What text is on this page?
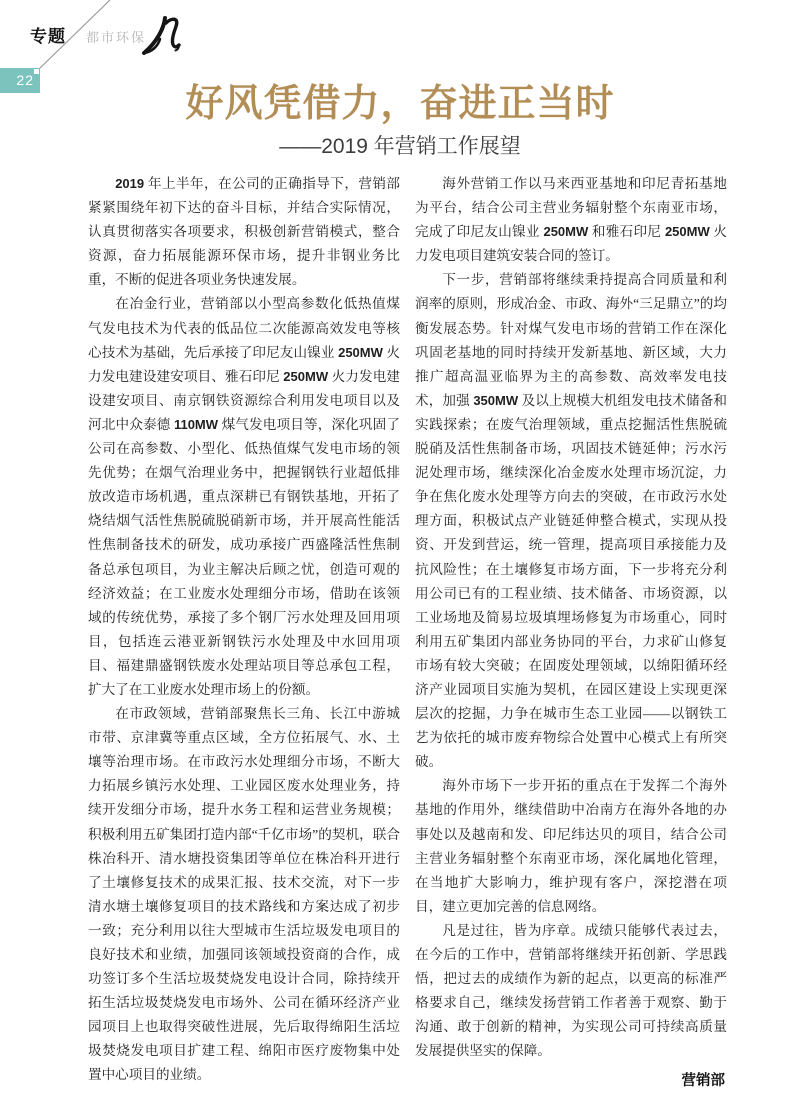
专题 都市环保
22
好风凭借力，奋进正当时
——2019 年营销工作展望

2019 年上半年，在公司的正确指导下，营销部紧紧围绕年初下达的奋斗目标，并结合实际情况，认真贯彻落实各项要求，积极创新营销模式，整合资源，奋力拓展能源环保市场，提升非钢业务比重，不断的促进各项业务快速发展。

在冶金行业，营销部以小型高参数化低热值煤气发电技术为代表的低品位二次能源高效发电等核心技术为基础，先后承接了印尼友山镍业 250MW 火力发电建设建安项目、雅石印尼 250MW 火力发电建设建安项目、南京钢铁资源综合利用发电项目以及河北中众泰德 110MW 煤气发电项目等，深化巩固了公司在高参数、小型化、低热值煤气发电市场的领先优势；在烟气治理业务中，把握钢铁行业超低排放改造市场机遇，重点深耕已有钢铁基地，开拓了烧结烟气活性焦脱硫脱硝新市场，并开展高性能活性焦制备技术的研发，成功承接广西盛隆活性焦制备总承包项目，为业主解决后顾之忧，创造可观的经济效益；在工业废水处理细分市场，借助在该领域的传统优势，承接了多个钢厂污水处理及回用项目，包括连云港亚新钢铁污水处理及中水回用项目、福建鼎盛钢铁废水处理站项目等总承包工程，扩大了在工业废水处理市场上的份额。

在市政领域，营销部聚焦长三角、长江中游城市带、京津冀等重点区域，全方位拓展气、水、土壤等治理市场。在市政污水处理细分市场，不断大力拓展乡镇污水处理、工业园区废水处理业务，持续开发细分市场，提升水务工程和运营业务规模；积极利用五矿集团打造内部“千亿市场”的契机，联合株冶科开、清水塘投资集团等单位在株冶科开进行了土壤修复技术的成果汇报、技术交流，对下一步清水塘土壤修复项目的技术路线和方案达成了初步一致；充分利用以往大型城市生活垃圾发电项目的良好技术和业绩，加强同该领域投资商的合作，成功签订多个生活垃圾焚烧发电设计合同，除持续开拓生活垃圾焚烧发电市场外、公司在循环经济产业园项目上也取得突破性进展，先后取得绵阳生活垃圾焚烧发电项目扩建工程、绵阳市医疗废物集中处置中心项目的业绩。

海外营销工作以马来西亚基地和印尼青拓基地为平台，结合公司主营业务辐射整个东南亚市场，完成了印尼友山镍业 250MW 和雅石印尼 250MW 火力发电项目建筑安装合同的签订。

下一步，营销部将继续秉持提高合同质量和利润率的原则，形成冶金、市政、海外“三足鼎立”的均衡发展态势。针对煤气发电市场的营销工作在深化巩固老基地的同时持续开发新基地、新区域，大力推广超高温亚临界为主的高参数、高效率发电技术，加强 350MW 及以上规模大机组发电技术储备和实践探索；在废气治理领域，重点挖掘活性焦脱硫脱硝及活性焦制备市场，巩固技术链延伸；污水污泥处理市场，继续深化冶金废水处理市场沉淀，力争在焦化废水处理等方向去的突破，在市政污水处理方面，积极试点产业链延伸整合模式，实现从投资、开发到营运，统一管理，提高项目承接能力及抗风险性；在土壤修复市场方面，下一步将充分利用公司已有的工程业绩、技术储备、市场资源，以工业场地及简易垃圾填埋场修复为市场重心，同时利用五矿集团内部业务协同的平台，力求矿山修复市场有较大突破；在固废处理领域，以绵阳循环经济产业园项目实施为契机，在园区建设上实现更深层次的挖掘，力争在城市生态工业园——以钢铁工艺为依托的城市废弃物综合处置中心模式上有所突破。

海外市场下一步开拓的重点在于发挥二个海外基地的作用外，继续借助中冶南方在海外各地的办事处以及越南和发、印尼纬达贝的项目，结合公司主营业务辐射整个东南亚市场，深化属地化管理，在当地扩大影响力，维护现有客户，深挖潜在项目，建立更加完善的信息网络。

凡是过往，皆为序章。成绩只能够代表过去，在今后的工作中，营销部将继续开拓创新、学思践悟，把过去的成绩作为新的起点，以更高的标准严格要求自己，继续发扬营销工作者善于观察、勤于沟通、敢于创新的精神，为实现公司可持续高质量发展提供坚实的保障。

营销部
